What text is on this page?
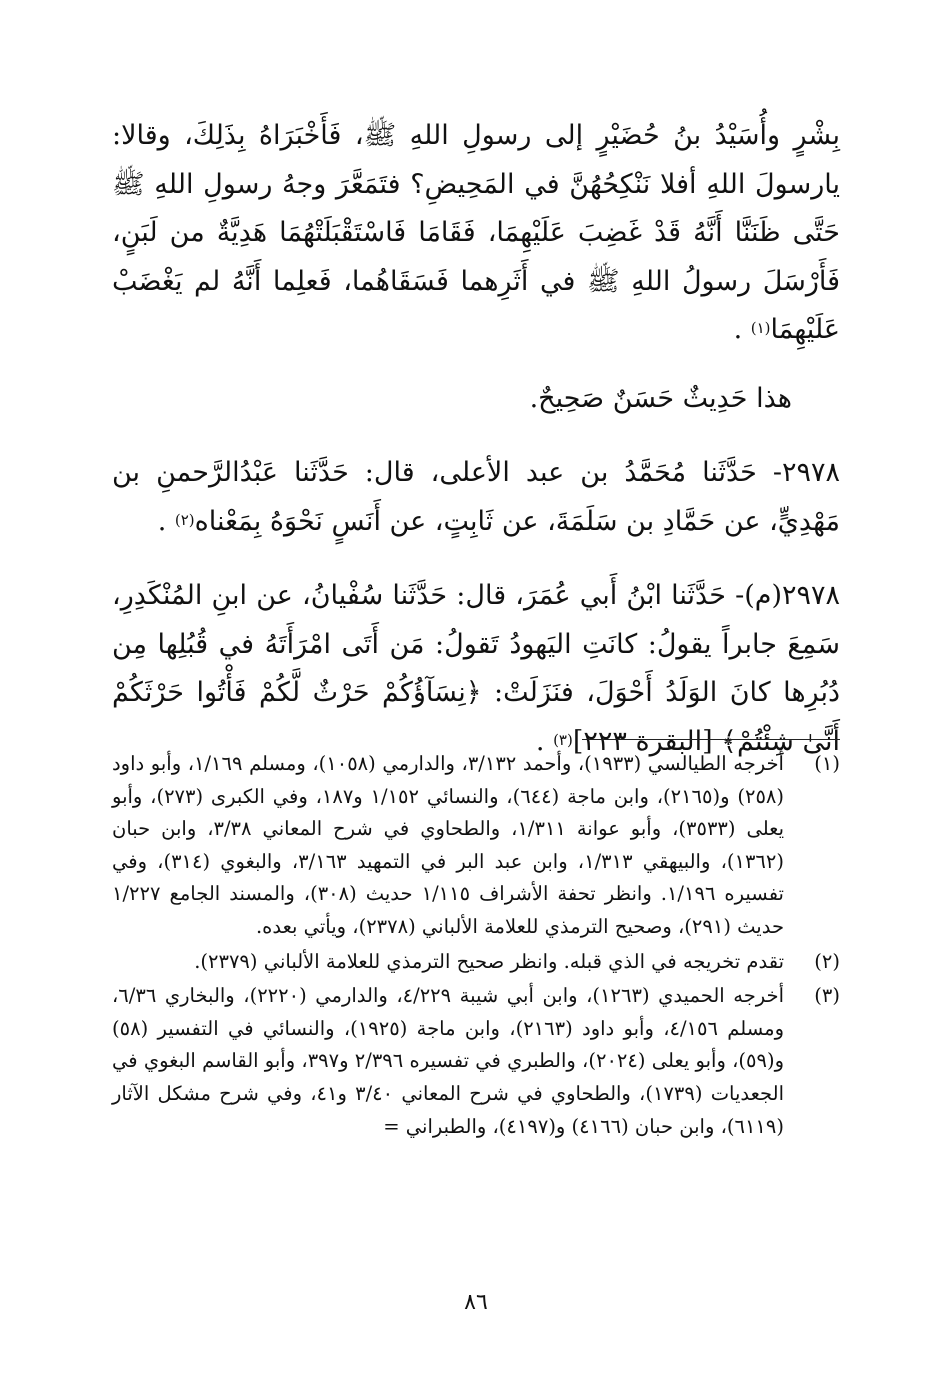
بِشْرٍ وأُسَيْدُ بنُ حُضَيْرٍ إلى رسولِ اللهِ ﷺ، فَأَخْبَرَاهُ بِذَلِكَ، وقالا: يارسولَ اللهِ أفلا نَنْكِحُهُنَّ في المَحِيضِ؟ فتَمَعَّرَ وجهُ رسولِ اللهِ ﷺ حَتَّى ظَنَنَّا أَنَّهُ قَدْ غَضِبَ عَلَيْهِمَا، فَقَامَا فَاسْتَقْبَلَتْهُمَا هَدِيَّةٌ من لَبَنٍ، فَأَرْسَلَ رسولُ اللهِ ﷺ في أَثَرِهما فَسَقَاهُما، فَعلِما أَنَّهُ لم يَغْضَبْ عَلَيْهِمَا$^{(١)}$ .

هذا حَدِيثٌ حَسَنٌ صَحِيحٌ.

٢٩٧٨- حَدَّثَنا مُحَمَّدُ بن عبد الأعلى، قال: حَدَّثَنا عَبْدُالرَّحمنِ بن مَهْدِيٍّ، عن حَمَّادِ بن سَلَمَةَ، عن ثَابِتٍ، عن أَنَسٍ نَحْوَهُ بِمَعْناه$^{(٢)}$ .

٢٩٧٨(م)- حَدَّثَنا ابْنُ أَبي عُمَرَ، قال: حَدَّثَنا سُفْيانُ، عن ابنِ المُنْكَدِرِ، سَمِعَ جابراً يقولُ: كانَتِ اليَهودُ تَقولُ: مَن أَتَى امْرَأَتَهُ في قُبُلِها مِن دُبُرِها كانَ الوَلَدُ أَحْوَلَ، فنَزَلَتْ: ﴿نِسَآؤُكُمْ حَرْثٌ لَّكُمْ فَأْتُوا حَرْثَكُمْ أَنَّىٰ شِئْتُمْ﴾ [البقرة ٢٢٣]$^{(٣)}$ .

(١)
أخرجه الطيالسي (١٩٣٣)، وأحمد ٣/١٣٢، والدارمي (١٠٥٨)، ومسلم ١/١٦٩، وأبو داود (٢٥٨) و(٢١٦٥)، وابن ماجة (٦٤٤)، والنسائي ١/١٥٢ و١٨٧، وفي الكبرى (٢٧٣)، وأبو يعلى (٣٥٣٣)، وأبو عوانة ١/٣١١، والطحاوي في شرح المعاني ٣/٣٨، وابن حبان (١٣٦٢)، والبيهقي ١/٣١٣، وابن عبد البر في التمهيد ٣/١٦٣، والبغوي (٣١٤)، وفي تفسيره ١/١٩٦. وانظر تحفة الأشراف ١/١١٥ حديث (٣٠٨)، والمسند الجامع ١/٢٢٧ حديث (٢٩١)، وصحيح الترمذي للعلامة الألباني (٢٣٧٨)، ويأتي بعده.
(٢)
تقدم تخريجه في الذي قبله. وانظر صحيح الترمذي للعلامة الألباني (٢٣٧٩).
(٣)
أخرجه الحميدي (١٢٦٣)، وابن أبي شيبة ٤/٢٢٩، والدارمي (٢٢٢٠)، والبخاري ٦/٣٦، ومسلم ٤/١٥٦، وأبو داود (٢١٦٣)، وابن ماجة (١٩٢٥)، والنسائي في التفسير (٥٨) و(٥٩)، وأبو يعلى (٢٠٢٤)، والطبري في تفسيره ٢/٣٩٦ و٣٩٧، وأبو القاسم البغوي في الجعديات (١٧٣٩)، والطحاوي في شرح المعاني ٣/٤٠ و٤١، وفي شرح مشكل الآثار (٦١١٩)، وابن حبان (٤١٦٦) و(٤١٩٧)، والطبراني =
٨٦
